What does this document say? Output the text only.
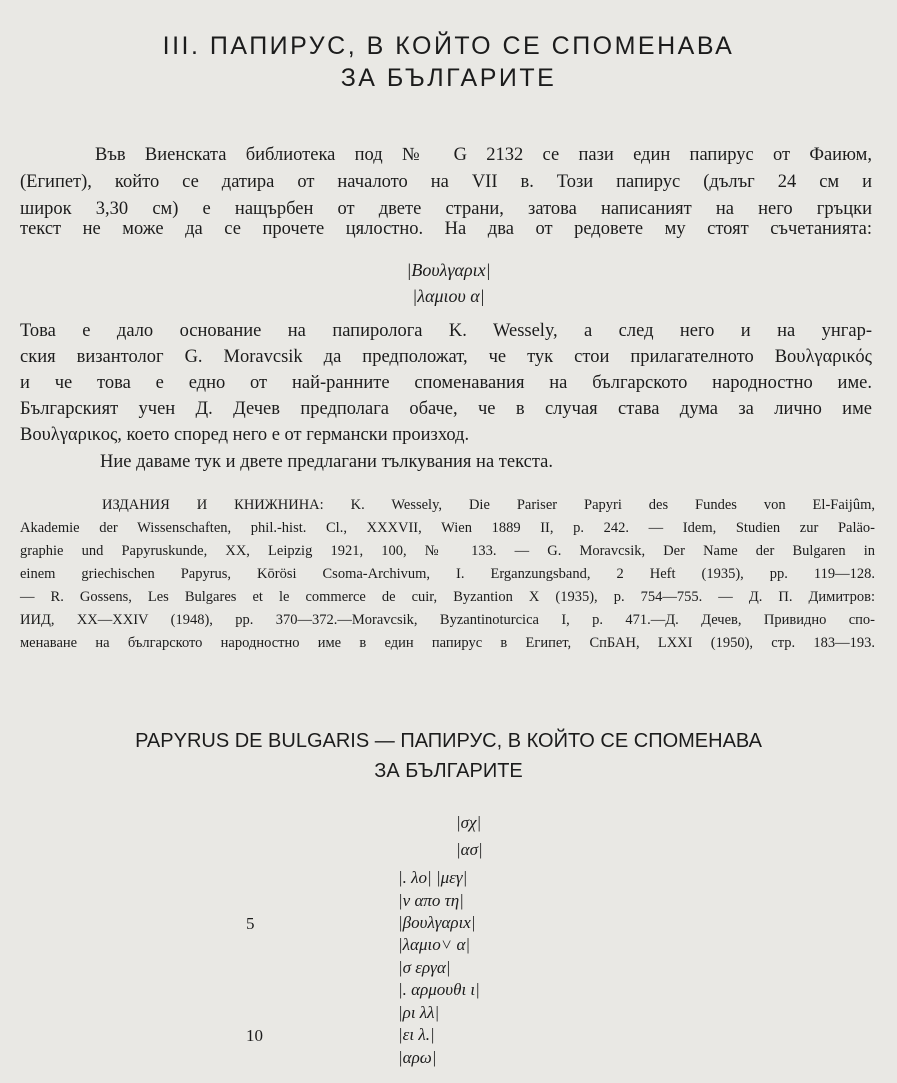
III. ПАПИРУС, В КОЙТО СЕ СПОМЕНАВА
ЗА БЪЛГАРИТЕ
Във Виенската библиотека под № G 2132 се пази един папирус от Фаиюм,
(Египет), който се датира от началото на VII в. Този папирус (дълъг 24 см и
широк 3,30 см) е нащърбен от двете страни, затова написаният на него гръцки
текст не може да се прочете цялостно. На два от редовете му стоят съчетанията:
|Βουλγαριx|
|λαμιου α|
Това е дало основание на папиролога K. Wessely, а след него и на унгар-
ския византолог G. Moravcsik да предположат, че тук стои прилагателното Βουλγαρικός
и че това е едно от най-ранните споменавания на българското народностно име.
Българският учен Д. Дечев предполага обаче, че в случая става дума за лично име
Βουλγαρικος, което според него е от германски произход.
Ние даваме тук и двете предлагани тълкувания на текста.
ИЗДАНИЯ И КНИЖНИНА: K. Wessely, Die Pariser Papyri des Fundes von El-Faijûm,
Akademie der Wissenschaften, phil.-hist. Cl., XXXVII, Wien 1889 II, p. 242. — Idem, Studien zur Paläo-
graphie und Papyruskunde, XX, Leipzig 1921, 100, № 133. — G. Moravcsik, Der Name der Bulgaren in
einem griechischen Papyrus, Kōrösi Csoma-Archivum, I. Erganzungsband, 2 Heft (1935), pp. 119—128.
— R. Gossens, Les Bulgares et le commerce de cuir, Byzantion X (1935), p. 754—755. — Д. П. Димитров:
ИИД, XX—XXIV (1948), pp. 370—372.—Moravcsik, Byzantinoturcica I, p. 471.—Д. Дечев, Привидно спо-
менаване на българското народностно име в един папирус в Египет, СпБАН, LXXI (1950), стр. 183—193.
PAPYRUS DE BULGARIS — ПАПИРУС, В КОЙТО СЕ СПОМЕНАВА
ЗА БЪЛГАРИТЕ
|σχ|
|ασ|
|. λο| |μεγ|
|ν απο τη|
|βουλγαριx|
|λαμιο˅ α|
|σ εργα|
|. αρμουθι ι|
|ρι λλ|
|ει λ.|
|αρω|
5
10
